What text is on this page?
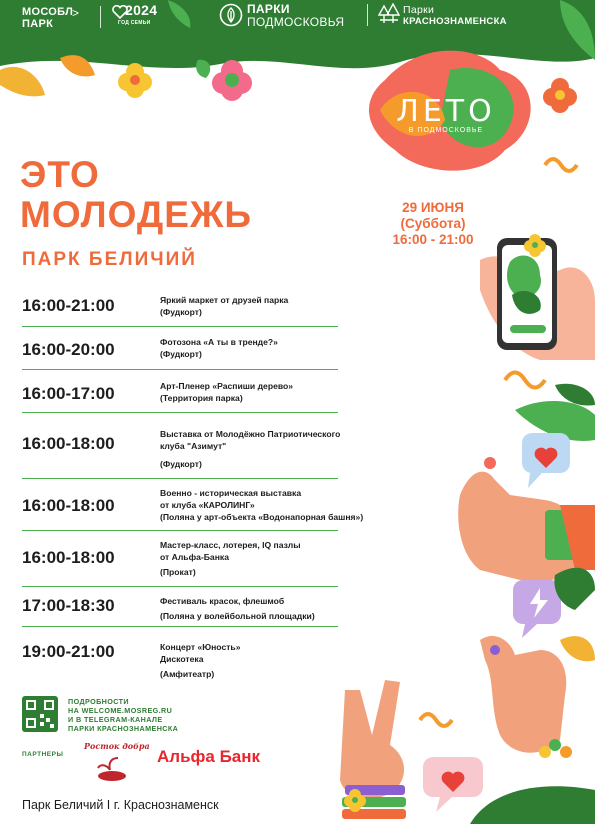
МОСОБЛ
ПАРК
>	2024
ГОД СЕМЬИ
ПАРКИ
ПОДМОСКОВЬЯ
Парки
КРАСНОЗНАМЕНСКА
ЛЕТО
В ПОДМОСКОВЬЕ
ЭТО
МОЛОДЕЖЬ
ПАРК БЕЛИЧИЙ
29 ИЮНЯ
(Суббота)
16:00 - 21:00
16:00-21:00	Яркий маркет от друзей парка
(Фудкорт)
16:00-20:00	Фотозона «А ты в тренде?»
(Фудкорт)
16:00-17:00	Арт-Пленер «Распиши дерево»
(Территория парка)
16:00-18:00	Выставка от Молодёжно Патриотического
клуба "Азимут"
(Фудкорт)
16:00-18:00
Военно - историческая выставка
от клуба «КАРОЛИНГ»
(Поляна у арт-объекта «Водонапорная башня»)
16:00-18:00
Мастер-класс, лотерея, IQ пазлы
от Альфа-Банка
(Прокат)
17:00-18:30	Фестиваль красок, флешмоб
(Поляна у волейбольной площадки)
19:00-21:00	Концерт «Юность»
Дискотека
(Амфитеатр)
ПОДРОБНОСТИ
НА WELCOME.MOSREG.RU
И В TELEGRAM-КАНАЛЕ
ПАРКИ КРАСНОЗНАМЕНСКА
ПАРТНЕРЫ
Росток добра
Альфа Банк
Парк Беличий I г. Краснознаменск
